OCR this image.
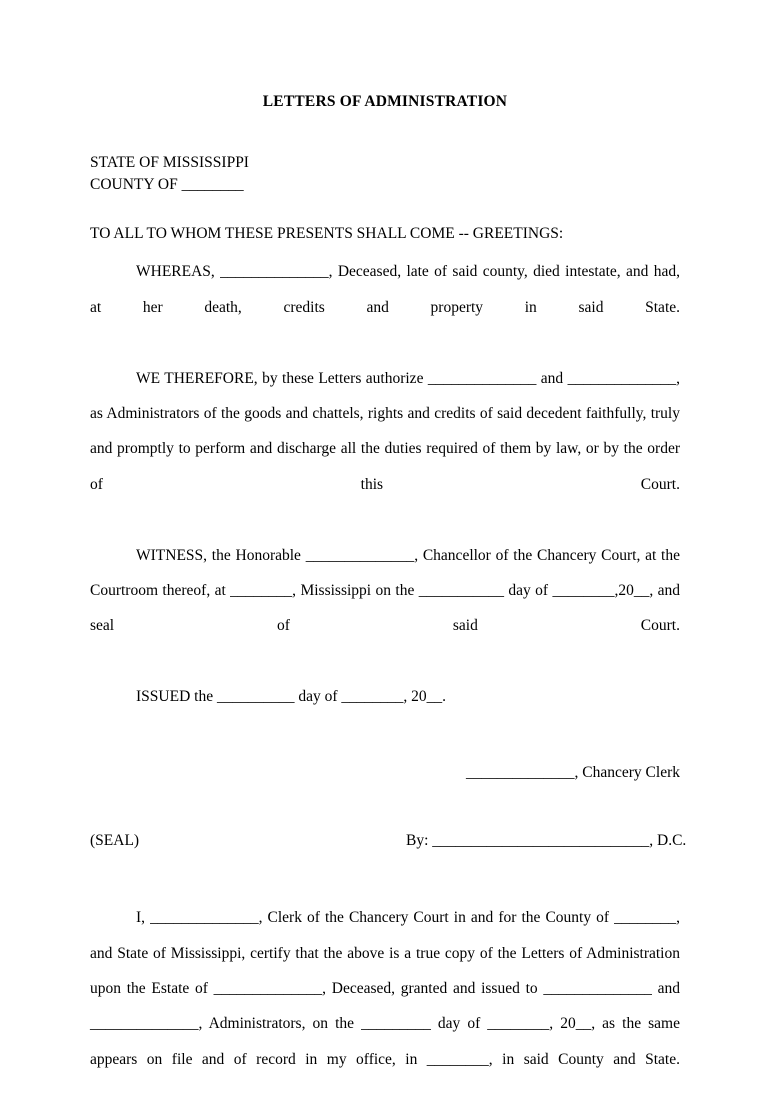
LETTERS OF ADMINISTRATION
STATE OF MISSISSIPPI
COUNTY OF ________
TO ALL TO WHOM THESE PRESENTS SHALL COME -- GREETINGS:

WHEREAS, ______________, Deceased, late of said county, died intestate, and had, at her death, credits and property in said State.

WE THEREFORE, by these Letters authorize ______________ and ______________, as Administrators of the goods and chattels, rights and credits of said decedent faithfully, truly and promptly to perform and discharge all the duties required of them by law, or by the order of this Court.

WITNESS, the Honorable ______________, Chancellor of the Chancery Court, at the Courtroom thereof, at ________, Mississippi on the ___________ day of ________,20__, and seal of said Court.

ISSUED the __________ day of ________, 20__.

______________, Chancery Clerk
(SEAL)	By: ____________________________, D.C.

I, ______________, Clerk of the Chancery Court in and for the County of ________, and State of Mississippi, certify that the above is a true copy of the Letters of Administration upon the Estate of ______________, Deceased, granted and issued to ______________ and ______________, Administrators, on the _________ day of ________, 20__, as the same appears on file and of record in my office, in ________, in said County and State.
